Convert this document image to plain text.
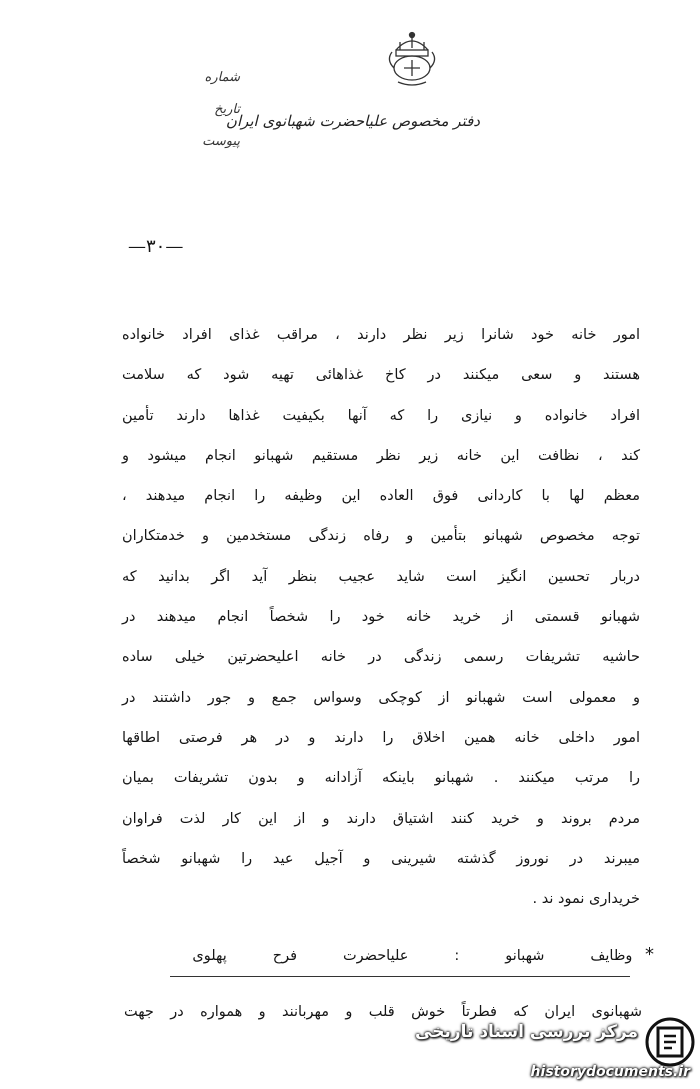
دفتر مخصوص علیاحضرت شهبانوی ایران
شماره
تاریخ
پیوست
—۳۰—
امور خانه خود شانرا زیر نظر دارند ، مراقب غذای افراد خانواده
هستند و سعی میکنند در کاخ غذاهائی تهیه شود که سلامت
افراد خانواده و نیازی را که آنها بکیفیت غذاها دارند تأمین
کند ، نظافت این خانه زیر نظر مستقیم شهبانو انجام میشود و
معظم لها با کاردانی فوق العاده این وظیفه را انجام میدهند ،
توجه مخصوص شهبانو بتأمین و رفاه زندگی مستخدمین و خدمتکاران
دربار تحسین انگیز است شاید عجیب بنظر آید اگر بدانید که
شهبانو قسمتی از خرید خانه خود را شخصاً انجام میدهند در
حاشیه تشریفات رسمی زندگی در خانه اعلیحضرتین خیلی ساده
و معمولی است شهبانو از کوچکی وسواس جمع و جور داشتند در
امور داخلی خانه همین اخلاق را دارند و در هر فرصتی اطاقها
را مرتب میکنند . شهبانو باینکه آزادانه و بدون تشریفات بمیان
مردم بروند و خرید کنند اشتیاق دارند و از این کار لذت فراوان
میبرند در نوروز گذشته شیرینی و آجیل عید را شهبانو شخصاً
خریداری نمود ند .
* وظایف شهبانو : علیاحضرت فرح پهلوی
شهبانوی ایران که فطرتاً خوش قلب و مهربانند و همواره در جهت
مرکز بررسی اسناد تاریخی
historydocuments.ir
